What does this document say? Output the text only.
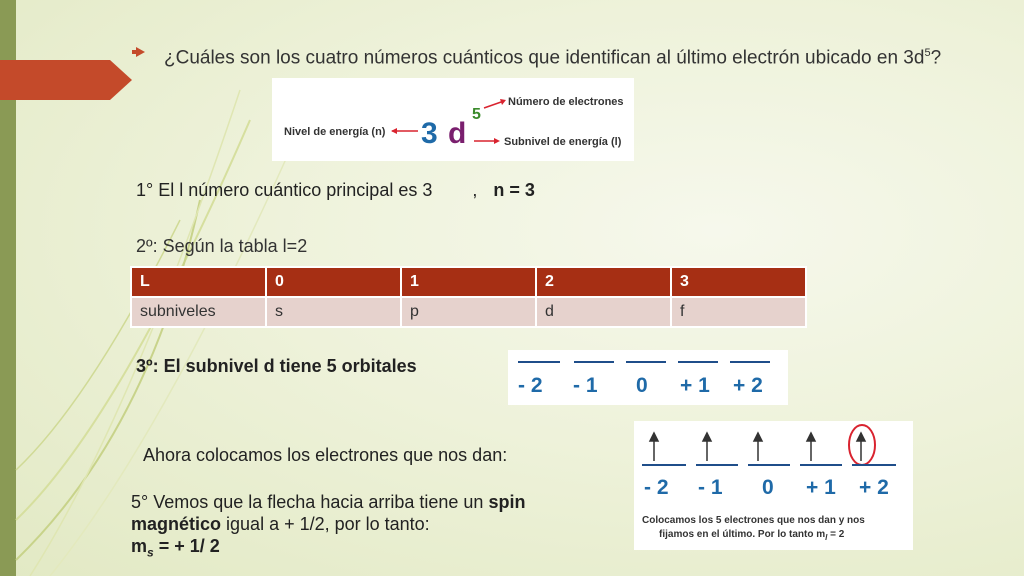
¿Cuáles son los cuatro números cuánticos que identifican al último electrón ubicado en $3d^5$?
Nivel de energía (n) 3 d
5
Número de electrones
Subnivel de energía (l)
1° El l número cuántico principal es 3 , n = 3
2º: Según la tabla l=2
L	0	1	2	3
subniveles	s	p	d	f
3º: El subnivel d tiene 5 orbitales
- 2 - 1 0 + 1 + 2
Ahora colocamos los electrones que nos dan:
- 2 - 1 0 + 1 + 2
Colocamos los 5 electrones que nos dan y nos
fijamos en el último. Por lo tanto $m_l = 2$
5° Vemos que la flecha hacia arriba tiene un spin
magnético igual a + 1/2, por lo tanto:
$m_s$ = + 1/ 2
